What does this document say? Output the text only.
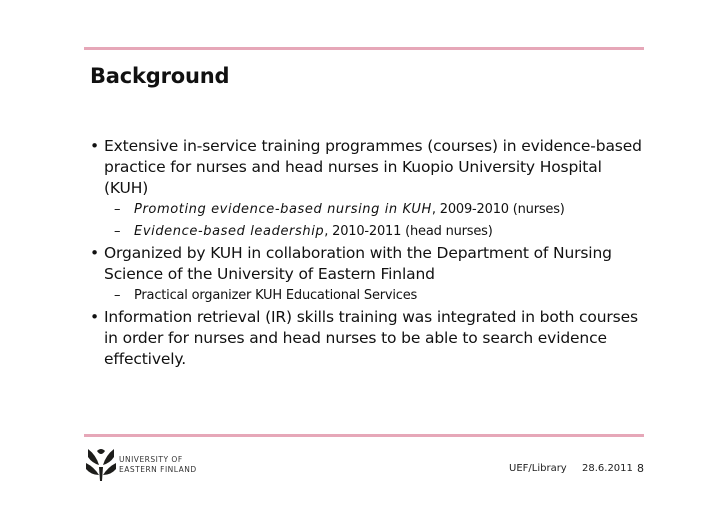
Background
• Extensive in-service training programmes (courses) in evidence-based practice for nurses and head nurses in Kuopio University Hospital (KUH)
– Promoting evidence-based nursing in KUH, 2009-2010 (nurses)
– Evidence-based leadership, 2010-2011 (head nurses)
• Organized by KUH in collaboration with the Department of Nursing Science of the University of Eastern Finland
– Practical organizer KUH Educational Services
• Information retrieval (IR) skills training was integrated in both courses in order for nurses and head nurses to be able to search evidence effectively.
UNIVERSITY OF
EASTERN FINLAND	UEF/Library 28.6.2011 8
